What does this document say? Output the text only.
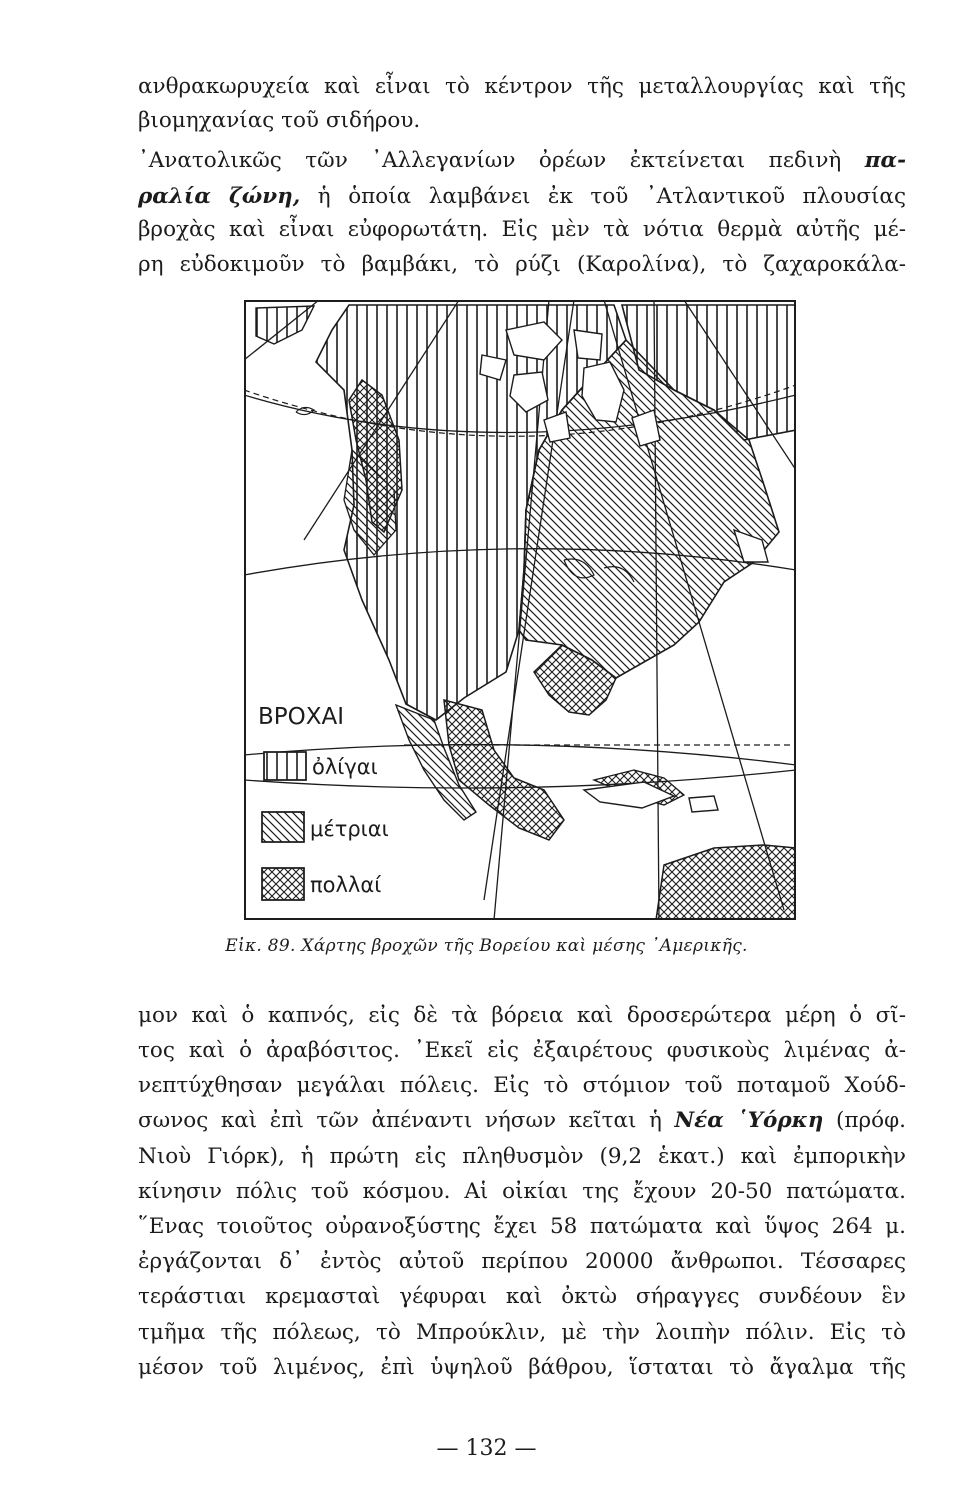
ανθρακωρυχεία καὶ εἶναι τὸ κέντρον τῆς μεταλλουργίας καὶ τῆς
βιομηχανίας τοῦ σιδήρου.
᾿Ανατολικῶς τῶν ᾿Αλλεγανίων ὀρέων ἐκτείνεται πεδινὴ πα-
ραλία ζώνη, ἡ ὁποία λαμβάνει ἐκ τοῦ ᾿Ατλαντικοῦ πλουσίας
βροχὰς καὶ εἶναι εὐφορωτάτη. Εἰς μὲν τὰ νότια θερμὰ αὐτῆς μέ-
ρη εὐδοκιμοῦν τὸ βαμβάκι, τὸ ρύζι (Καρολίνα), τὸ ζαχαροκάλα-
ΒΡΟΧΑΙ
ὀλίγαι
μέτριαι
πολλαί
Εἰκ. 89. Χάρτης βροχῶν τῆς Βορείου καὶ μέσης ᾿Αμερικῆς.
μον καὶ ὁ καπνός, εἰς δὲ τὰ βόρεια καὶ δροσερώτερα μέρη ὁ σῖ-
τος καὶ ὁ ἀραβόσιτος. ᾿Εκεῖ εἰς ἐξαιρέτους φυσικοὺς λιμένας ἀ-
νεπτύχθησαν μεγάλαι πόλεις. Εἰς τὸ στόμιον τοῦ ποταμοῦ Χούδ-
σωνος καὶ ἐπὶ τῶν ἀπέναντι νήσων κεῖται ἡ Νέα ῾Υόρκη (πρόφ.
Νιοὺ Γιόρκ), ἡ πρώτη εἰς πληθυσμὸν (9,2 ἑκατ.) καὶ ἐμπορικὴν
κίνησιν πόλις τοῦ κόσμου. Αἱ οἰκίαι της ἔχουν 20-50 πατώματα.
῞Ενας τοιοῦτος οὐρανοξύστης ἔχει 58 πατώματα καὶ ὕψος 264 μ.
ἐργάζονται δ᾿ ἐντὸς αὐτοῦ περίπου 20000 ἄνθρωποι. Τέσσαρες
τεράστιαι κρεμασταὶ γέφυραι καὶ ὀκτὼ σήραγγες συνδέουν ἓν
τμῆμα τῆς πόλεως, τὸ Μπρούκλιν, μὲ τὴν λοιπὴν πόλιν. Εἰς τὸ
μέσον τοῦ λιμένος, ἐπὶ ὑψηλοῦ βάθρου, ἵσταται τὸ ἄγαλμα τῆς
— 132 —
